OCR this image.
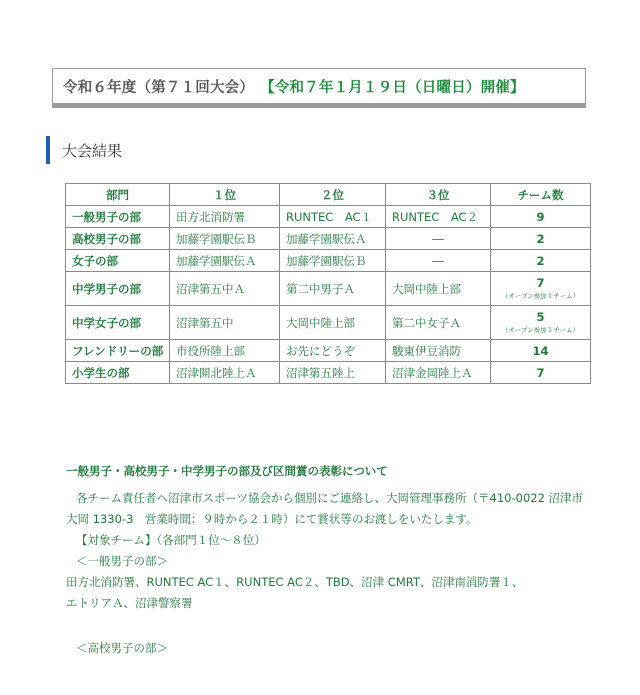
令和６年度（第７１回大会） 【令和７年１月１９日（日曜日）開催】
大会結果
部門	１位	２位	３位	チーム数
一般男子の部	田方北消防署	RUNTEC　AC１	RUNTEC　AC２	9
高校男子の部	加藤学園駅伝Ｂ	加藤学園駅伝Ａ	―	2
女子の部	加藤学園駅伝Ａ	加藤学園駅伝Ｂ	―	2
中学男子の部	沼津第五中Ａ	第二中男子Ａ	大岡中陸上部	7
（オープン参加１チーム）

中学女子の部	沼津第五中	大岡中陸上部	第二中女子Ａ	5
（オープン参加１チーム）

フレンドリーの部	市役所陸上部	お先にどうぞ	駿東伊豆消防	14
小学生の部	沼津開北陸上Ａ	沼津第五陸上	沼津金岡陸上Ａ	7
一般男子・高校男子・中学男子の部及び区間賞の表彰について
各チーム責任者へ沼津市スポーツ協会から個別にご連絡し、大岡管理事務所（〒410-0022 沼津市
大岡 1330-3　営業時間：９時から２１時）にて賞状等のお渡しをいたします。
【対象チーム】（各部門１位～８位）
＜一般男子の部＞
田方北消防署、RUNTEC AC１、RUNTEC AC２、TBD、沼津 CMRT、沼津南消防署１、
エトリアＡ、沼津警察署
＜高校男子の部＞
